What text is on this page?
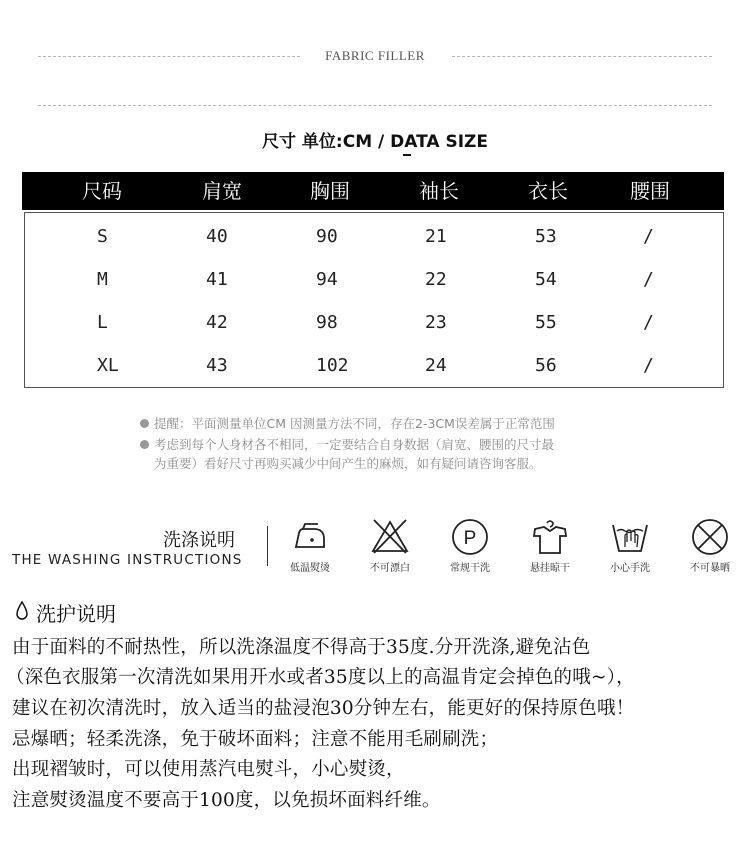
FABRIC FILLER
尺寸 单位:CM / DATA SIZE
尺码	肩宽	胸围	袖长	衣长	腰围
S	40	90	21	53	/
M	41	94	22	54	/
L	42	98	23	55	/
XL	43	102	24	56	/
提醒：平面测量单位CM 因测量方法不同，存在2-3CM误差属于正常范围
考虑到每个人身材各不相同，一定要结合自身数据（肩宽、腰围的尺寸最
为重要）看好尺寸再购买减少中间产生的麻烦，如有疑问请咨询客服。
洗涤说明
THE WASHING INSTRUCTIONS
低温熨烫	不可漂白
P
常规干洗	悬挂晾干	小心手洗	不可暴晒
洗护说明
由于面料的不耐热性，所以洗涤温度不得高于35度.分开洗涤,避免沾色
（深色衣服第一次清洗如果用开水或者35度以上的高温肯定会掉色的哦~），
建议在初次清洗时，放入适当的盐浸泡30分钟左右，能更好的保持原色哦！
忌爆晒；轻柔洗涤，免于破坏面料；注意不能用毛刷刷洗；
出现褶皱时，可以使用蒸汽电熨斗，小心熨烫，
注意熨烫温度不要高于100度，以免损坏面料纤维。
